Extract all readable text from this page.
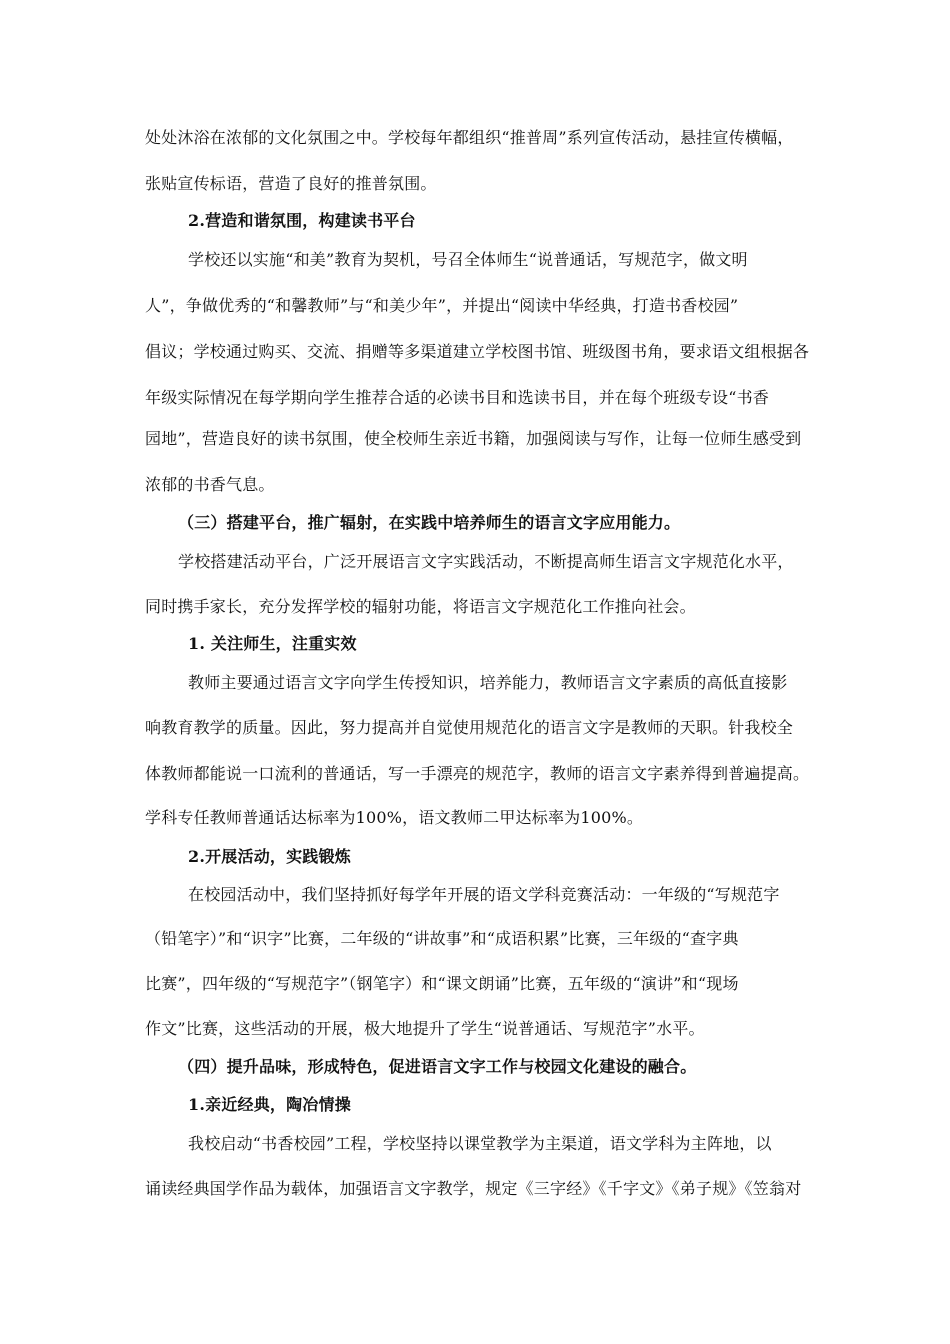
处处沐浴在浓郁的文化氛围之中。学校每年都组织“推普周”系列宣传活动，悬挂宣传横幅，
张贴宣传标语，营造了良好的推普氛围。
2.营造和谐氛围，构建读书平台
学校还以实施“和美”教育为契机，号召全体师生“说普通话，写规范字，做文明
人”，争做优秀的“和馨教师”与“和美少年”，并提出“阅读中华经典，打造书香校园”
倡议；学校通过购买、交流、捐赠等多渠道建立学校图书馆、班级图书角，要求语文组根据各
年级实际情况在每学期向学生推荐合适的必读书目和选读书目，并在每个班级专设“书香
园地”，营造良好的读书氛围，使全校师生亲近书籍，加强阅读与写作，让每一位师生感受到
浓郁的书香气息。
（三）搭建平台，推广辐射，在实践中培养师生的语言文字应用能力。
学校搭建活动平台，广泛开展语言文字实践活动，不断提高师生语言文字规范化水平，
同时携手家长，充分发挥学校的辐射功能，将语言文字规范化工作推向社会。
1. 关注师生，注重实效
教师主要通过语言文字向学生传授知识，培养能力，教师语言文字素质的高低直接影
响教育教学的质量。因此，努力提高并自觉使用规范化的语言文字是教师的天职。针我校全
体教师都能说一口流利的普通话，写一手漂亮的规范字，教师的语言文字素养得到普遍提高。
学科专任教师普通话达标率为100%，语文教师二甲达标率为100%。
2.开展活动，实践锻炼
在校园活动中，我们坚持抓好每学年开展的语文学科竞赛活动：一年级的“写规范字
（铅笔字）”和“识字”比赛，二年级的“讲故事”和“成语积累”比赛，三年级的“查字典
比赛”，四年级的“写规范字”（钢笔字）和“课文朗诵”比赛，五年级的“演讲”和“现场
作文”比赛，这些活动的开展，极大地提升了学生“说普通话、写规范字”水平。
（四）提升品味，形成特色，促进语言文字工作与校园文化建设的融合。
1.亲近经典，陶冶情操
我校启动“书香校园”工程，学校坚持以课堂教学为主渠道，语文学科为主阵地，以
诵读经典国学作品为载体，加强语言文字教学，规定《三字经》《千字文》《弟子规》《笠翁对
